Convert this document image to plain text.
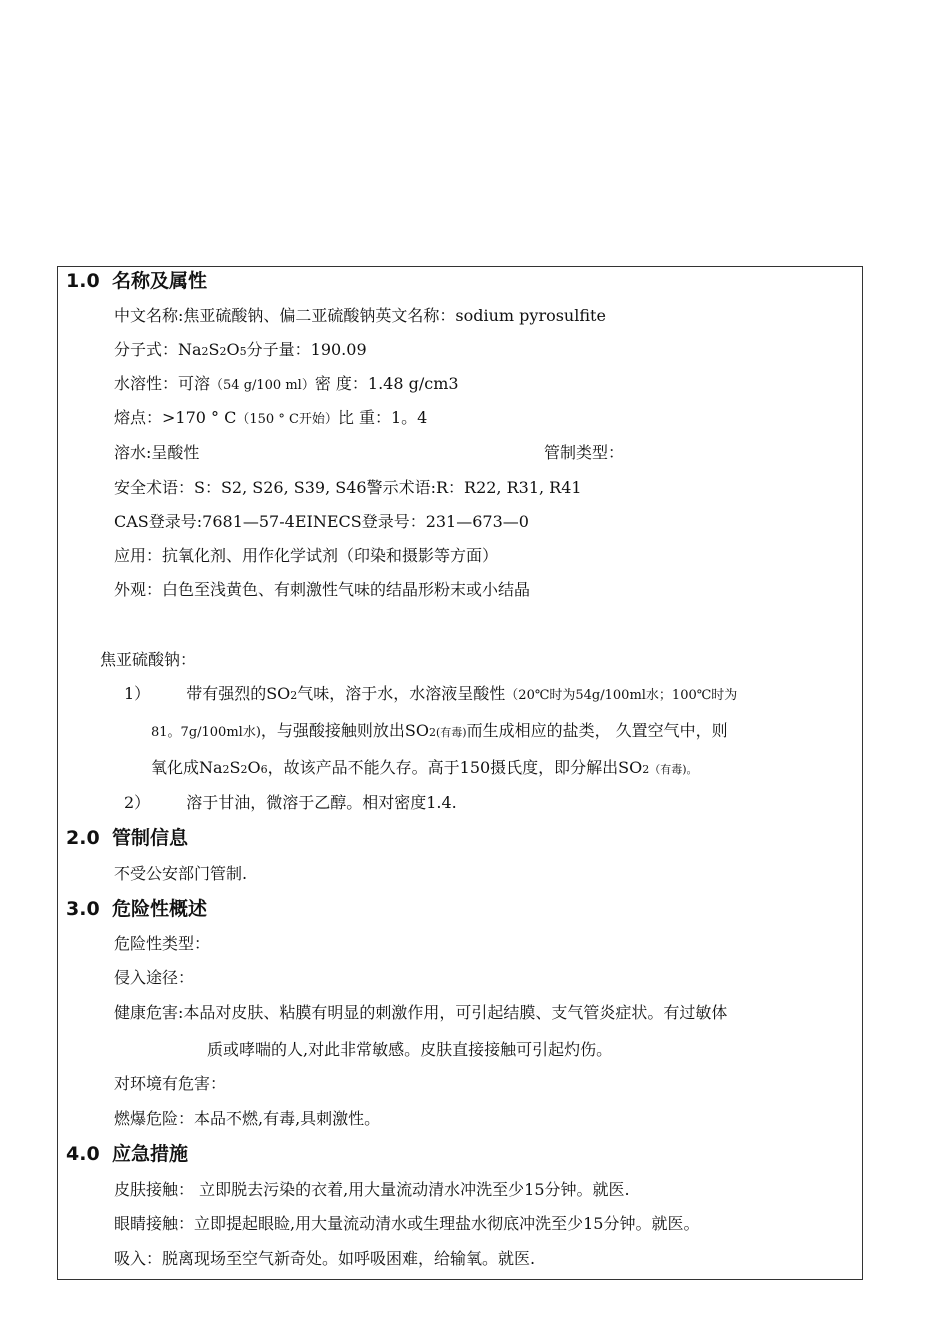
1.0 名称及属性
中文名称:焦亚硫酸钠、偏二亚硫酸钠英文名称：sodium pyrosulfite
分子式：Na2S2O5分子量：190.09
水溶性：可溶（54 g/100 ml）密 度：1.48 g/cm3
熔点：>170 ° C（150 ° C开始）比 重：1。4
溶水:呈酸性	管制类型：
安全术语：S：S2, S26, S39, S46警示术语:R：R22, R31, R41
CAS登录号:7681—57-4EINECS登录号：231—673—0
应用：抗氧化剂、用作化学试剂（印染和摄影等方面）
外观：白色至浅黄色、有刺激性气味的结晶形粉末或小结晶
焦亚硫酸钠：
1） 带有强烈的SO2气味，溶于水，水溶液呈酸性（20℃时为54g/100ml水；100℃时为
81。7g/100ml水)，与强酸接触则放出SO2(有毒)而生成相应的盐类， 久置空气中，则
氧化成Na2S2O6，故该产品不能久存。高于150摄氏度，即分解出SO2（有毒)。
2） 溶于甘油，微溶于乙醇。相对密度1.4.
2.0 管制信息
不受公安部门管制.
3.0 危险性概述
危险性类型：
侵入途径：
健康危害:本品对皮肤、粘膜有明显的刺激作用，可引起结膜、支气管炎症状。有过敏体
质或哮喘的人,对此非常敏感。皮肤直接接触可引起灼伤。
对环境有危害：
燃爆危险：本品不燃,有毒,具刺激性。
4.0 应急措施
皮肤接触： 立即脱去污染的衣着,用大量流动清水冲洗至少15分钟。就医.
眼睛接触：立即提起眼睑,用大量流动清水或生理盐水彻底冲洗至少15分钟。就医。
吸入：脱离现场至空气新奇处。如呼吸困难，给输氧。就医.
